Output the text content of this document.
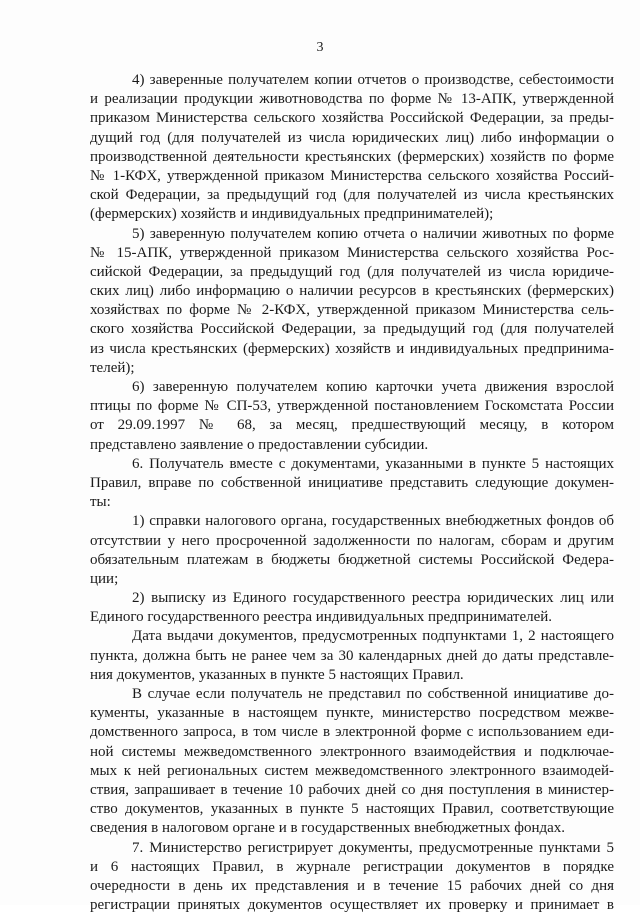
3
4) заверенные получателем копии отчетов о производстве, себестоимости
и реализации продукции животноводства по форме № 13-АПК, утвержденной
приказом Министерства сельского хозяйства Российской Федерации, за преды-
дущий год (для получателей из числа юридических лиц) либо информации о
производственной деятельности крестьянских (фермерских) хозяйств по форме
№ 1-КФХ, утвержденной приказом Министерства сельского хозяйства Россий-
ской Федерации, за предыдущий год (для получателей из числа крестьянских
(фермерских) хозяйств и индивидуальных предпринимателей);
5) заверенную получателем копию отчета о наличии животных по форме
№ 15-АПК, утвержденной приказом Министерства сельского хозяйства Рос-
сийской Федерации, за предыдущий год (для получателей из числа юридиче-
ских лиц) либо информацию о наличии ресурсов в крестьянских (фермерских)
хозяйствах по форме № 2-КФХ, утвержденной приказом Министерства сель-
ского хозяйства Российской Федерации, за предыдущий год (для получателей
из числа крестьянских (фермерских) хозяйств и индивидуальных предпринима-
телей);
6) заверенную получателем копию карточки учета движения взрослой
птицы по форме № СП-53, утвержденной постановлением Госкомстата России
от 29.09.1997 № 68, за месяц, предшествующий месяцу, в котором
представлено заявление о предоставлении субсидии.
6. Получатель вместе с документами, указанными в пункте 5 настоящих
Правил, вправе по собственной инициативе представить следующие докумен-
ты:
1) справки налогового органа, государственных внебюджетных фондов об
отсутствии у него просроченной задолженности по налогам, сборам и другим
обязательным платежам в бюджеты бюджетной системы Российской Федера-
ции;
2) выписку из Единого государственного реестра юридических лиц или
Единого государственного реестра индивидуальных предпринимателей.
Дата выдачи документов, предусмотренных подпунктами 1, 2 настоящего
пункта, должна быть не ранее чем за 30 календарных дней до даты представле-
ния документов, указанных в пункте 5 настоящих Правил.
В случае если получатель не представил по собственной инициативе до-
кументы, указанные в настоящем пункте, министерство посредством межве-
домственного запроса, в том числе в электронной форме с использованием еди-
ной системы межведомственного электронного взаимодействия и подключае-
мых к ней региональных систем межведомственного электронного взаимодей-
ствия, запрашивает в течение 10 рабочих дней со дня поступления в министер-
ство документов, указанных в пункте 5 настоящих Правил, соответствующие
сведения в налоговом органе и в государственных внебюджетных фондах.
7. Министерство регистрирует документы, предусмотренные пунктами 5
и 6 настоящих Правил, в журнале регистрации документов в порядке
очередности в день их представления и в течение 15 рабочих дней со дня
регистрации принятых документов осуществляет их проверку и принимает в
